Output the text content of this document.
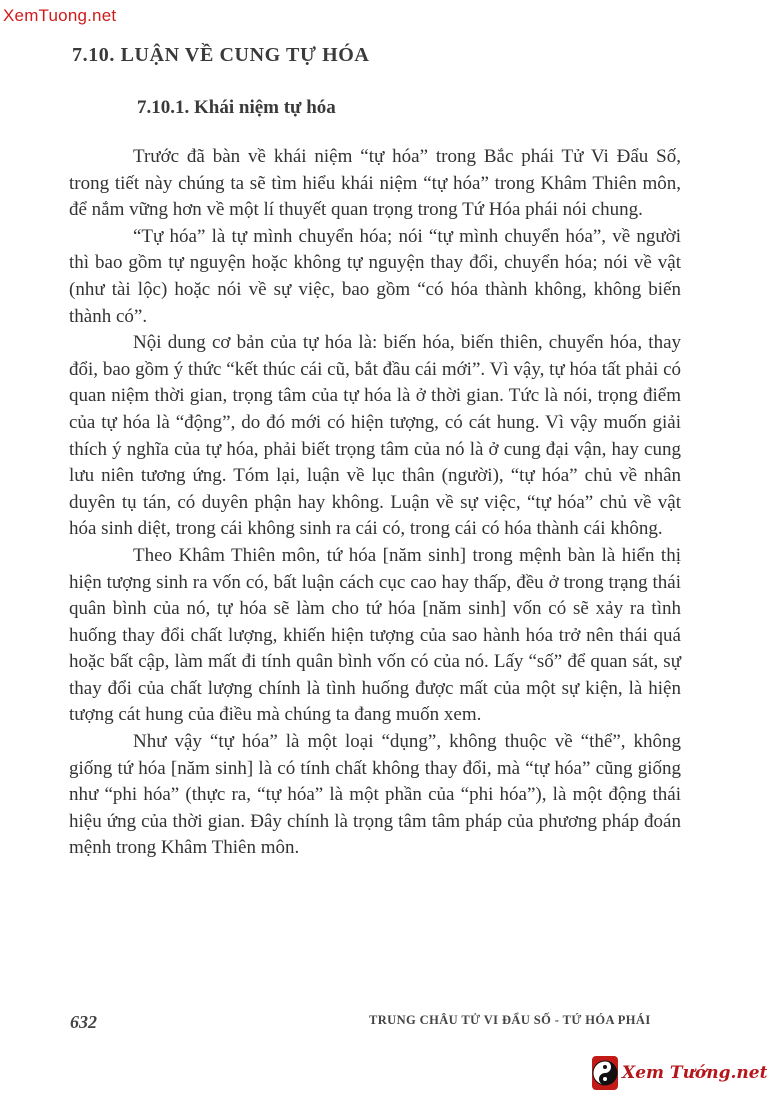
XemTuong.net
7.10. LUẬN VỀ CUNG TỰ HÓA
7.10.1. Khái niệm tự hóa

Trước đã bàn về khái niệm “tự hóa” trong Bắc phái Tử Vi Đẩu Số, trong tiết này chúng ta sẽ tìm hiểu khái niệm “tự hóa” trong Khâm Thiên môn, để nắm vững hơn về một lí thuyết quan trọng trong Tứ Hóa phái nói chung.

“Tự hóa” là tự mình chuyển hóa; nói “tự mình chuyển hóa”, về người thì bao gồm tự nguyện hoặc không tự nguyện thay đổi, chuyển hóa; nói về vật (như tài lộc) hoặc nói về sự việc, bao gồm “có hóa thành không, không biến thành có”.

Nội dung cơ bản của tự hóa là: biến hóa, biến thiên, chuyển hóa, thay đổi, bao gồm ý thức “kết thúc cái cũ, bắt đầu cái mới”. Vì vậy, tự hóa tất phải có quan niệm thời gian, trọng tâm của tự hóa là ở thời gian. Tức là nói, trọng điểm của tự hóa là “động”, do đó mới có hiện tượng, có cát hung. Vì vậy muốn giải thích ý nghĩa của tự hóa, phải biết trọng tâm của nó là ở cung đại vận, hay cung lưu niên tương ứng. Tóm lại, luận về lục thân (người), “tự hóa” chủ về nhân duyên tụ tán, có duyên phận hay không. Luận về sự việc, “tự hóa” chủ về vật hóa sinh diệt, trong cái không sinh ra cái có, trong cái có hóa thành cái không.

Theo Khâm Thiên môn, tứ hóa [năm sinh] trong mệnh bàn là hiển thị hiện tượng sinh ra vốn có, bất luận cách cục cao hay thấp, đều ở trong trạng thái quân bình của nó, tự hóa sẽ làm cho tứ hóa [năm sinh] vốn có sẽ xảy ra tình huống thay đổi chất lượng, khiến hiện tượng của sao hành hóa trở nên thái quá hoặc bất cập, làm mất đi tính quân bình vốn có của nó. Lấy “số” để quan sát, sự thay đổi của chất lượng chính là tình huống được mất của một sự kiện, là hiện tượng cát hung của điều mà chúng ta đang muốn xem.

Như vậy “tự hóa” là một loại “dụng”, không thuộc về “thể”, không giống tứ hóa [năm sinh] là có tính chất không thay đổi, mà “tự hóa” cũng giống như “phi hóa” (thực ra, “tự hóa” là một phần của “phi hóa”), là một động thái hiệu ứng của thời gian. Đây chính là trọng tâm tâm pháp của phương pháp đoán mệnh trong Khâm Thiên môn.

632	TRUNG CHÂU TỬ VI ĐẨU SỐ - TỨ HÓA PHÁI
Xem Tướng.net
